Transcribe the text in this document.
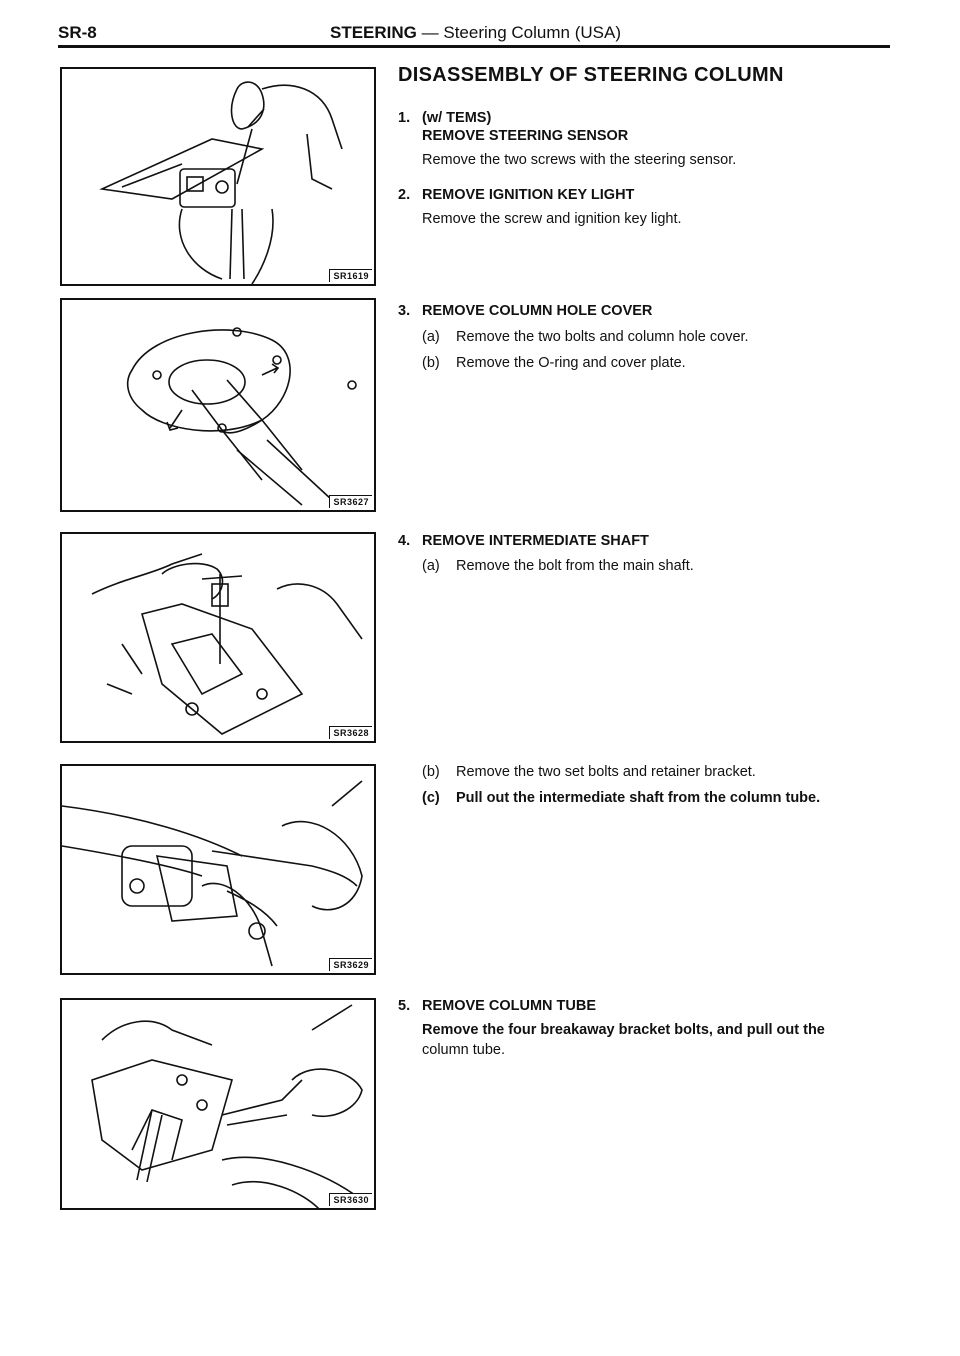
SR-8	STEERING — Steering Column (USA)
SR1619
SR3627
SR3628
SR3629
SR3630
DISASSEMBLY OF STEERING COLUMN
1. (w/ TEMS)
REMOVE STEERING SENSOR
Remove the two screws with the steering sensor.
2. REMOVE IGNITION KEY LIGHT
Remove the screw and ignition key light.
3. REMOVE COLUMN HOLE COVER
(a) Remove the two bolts and column hole cover.
(b) Remove the O-ring and cover plate.
4. REMOVE INTERMEDIATE SHAFT
(a) Remove the bolt from the main shaft.
(b) Remove the two set bolts and retainer bracket.
(c) Pull out the intermediate shaft from the column tube.
5. REMOVE COLUMN TUBE
Remove the four breakaway bracket bolts, and pull out the
column tube.
